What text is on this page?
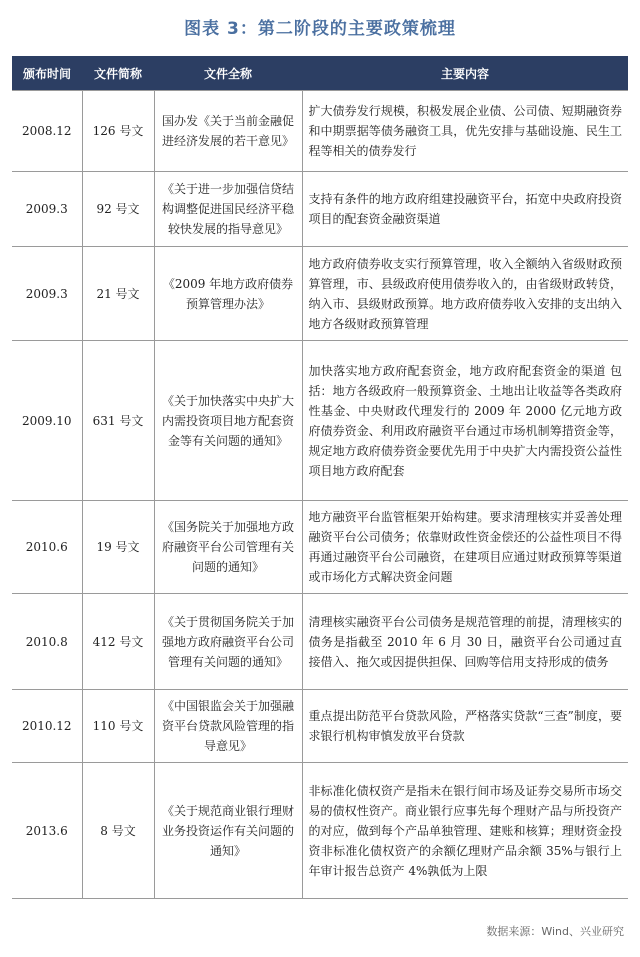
图表 3：第二阶段的主要政策梳理
颁布时间	文件简称	文件全称	主要内容
2008.12	126 号文	国办发《关于当前金融促进经济发展的若干意见》	扩大债券发行规模，积极发展企业债、公司债、短期融资券和中期票据等债务融资工具，优先安排与基础设施、民生工程等相关的债券发行
2009.3	92 号文	《关于进一步加强信贷结构调整促进国民经济平稳较快发展的指导意见》	支持有条件的地方政府组建投融资平台，拓宽中央政府投资项目的配套资金融资渠道
2009.3	21 号文	《2009 年地方政府债券预算管理办法》	地方政府债券收支实行预算管理，收入全额纳入省级财政预算管理，市、县级政府使用债券收入的，由省级财政转贷，纳入市、县级财政预算。地方政府债券收入安排的支出纳入地方各级财政预算管理
2009.10	631 号文	《关于加快落实中央扩大内需投资项目地方配套资金等有关问题的通知》	加快落实地方政府配套资金，地方政府配套资金的渠道 包括：地方各级政府一般预算资金、土地出让收益等各类政府性基金、中央财政代理发行的 2009 年 2000 亿元地方政府债券资金、利用政府融资平台通过市场机制筹措资金等，规定地方政府债券资金要优先用于中央扩大内需投资公益性项目地方政府配套
2010.6	19 号文	《国务院关于加强地方政府融资平台公司管理有关问题的通知》	地方融资平台监管框架开始构建。要求清理核实并妥善处理融资平台公司债务；依靠财政性资金偿还的公益性项目不得再通过融资平台公司融资，在建项目应通过财政预算等渠道或市场化方式解决资金问题
2010.8	412 号文	《关于贯彻国务院关于加强地方政府融资平台公司管理有关问题的通知》	清理核实融资平台公司债务是规范管理的前提，清理核实的债务是指截至 2010 年 6 月 30 日，融资平台公司通过直接借入、拖欠或因提供担保、回购等信用支持形成的债务
2010.12	110 号文	《中国银监会关于加强融资平台贷款风险管理的指导意见》	重点提出防范平台贷款风险，严格落实贷款“三查”制度，要求银行机构审慎发放平台贷款
2013.6	8 号文	《关于规范商业银行理财业务投资运作有关问题的通知》	非标准化债权资产是指未在银行间市场及证券交易所市场交易的债权性资产。商业银行应事先每个理财产品与所投资产的对应，做到每个产品单独管理、建账和核算；理财资金投资非标准化债权资产的余额亿理财产品余额 35%与银行上年审计报告总资产 4%孰低为上限
数据来源：Wind、兴业研究
